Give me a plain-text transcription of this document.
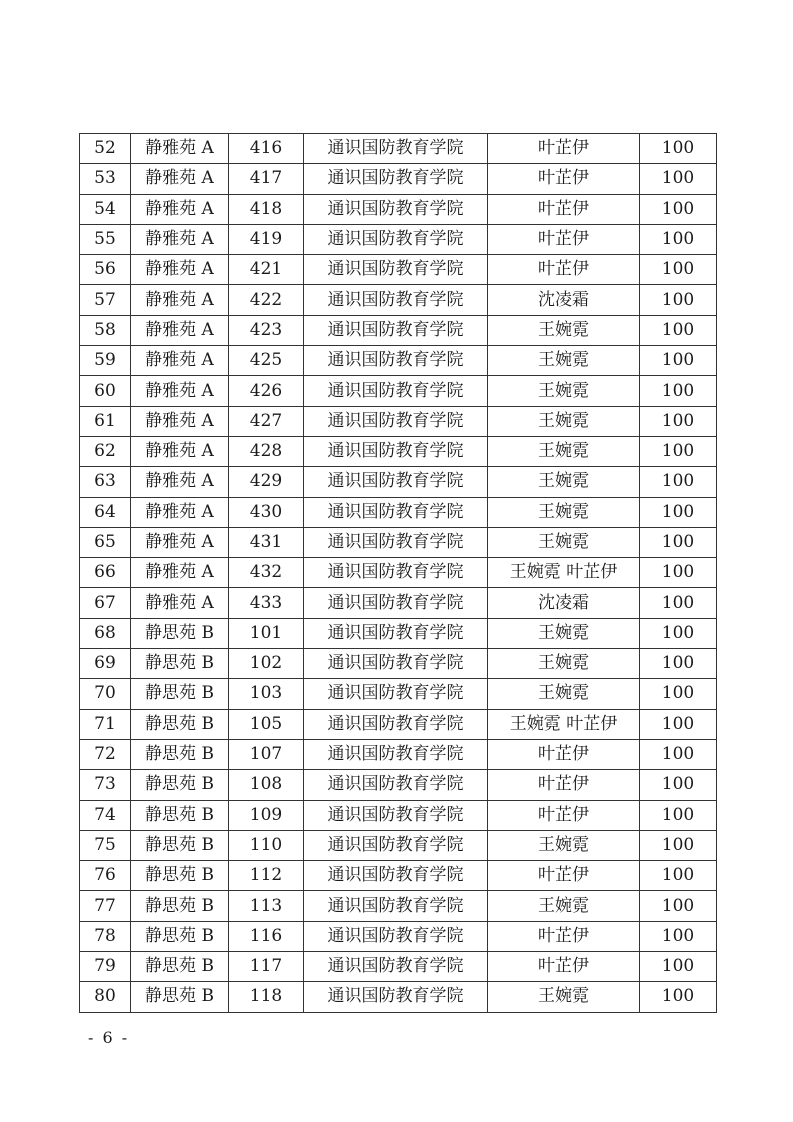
52	静雅苑 A	416	通识国防教育学院	叶芷伊	100
53	静雅苑 A	417	通识国防教育学院	叶芷伊	100
54	静雅苑 A	418	通识国防教育学院	叶芷伊	100
55	静雅苑 A	419	通识国防教育学院	叶芷伊	100
56	静雅苑 A	421	通识国防教育学院	叶芷伊	100
57	静雅苑 A	422	通识国防教育学院	沈凌霜	100
58	静雅苑 A	423	通识国防教育学院	王婉霓	100
59	静雅苑 A	425	通识国防教育学院	王婉霓	100
60	静雅苑 A	426	通识国防教育学院	王婉霓	100
61	静雅苑 A	427	通识国防教育学院	王婉霓	100
62	静雅苑 A	428	通识国防教育学院	王婉霓	100
63	静雅苑 A	429	通识国防教育学院	王婉霓	100
64	静雅苑 A	430	通识国防教育学院	王婉霓	100
65	静雅苑 A	431	通识国防教育学院	王婉霓	100
66	静雅苑 A	432	通识国防教育学院	王婉霓 叶芷伊	100
67	静雅苑 A	433	通识国防教育学院	沈凌霜	100
68	静思苑 B	101	通识国防教育学院	王婉霓	100
69	静思苑 B	102	通识国防教育学院	王婉霓	100
70	静思苑 B	103	通识国防教育学院	王婉霓	100
71	静思苑 B	105	通识国防教育学院	王婉霓 叶芷伊	100
72	静思苑 B	107	通识国防教育学院	叶芷伊	100
73	静思苑 B	108	通识国防教育学院	叶芷伊	100
74	静思苑 B	109	通识国防教育学院	叶芷伊	100
75	静思苑 B	110	通识国防教育学院	王婉霓	100
76	静思苑 B	112	通识国防教育学院	叶芷伊	100
77	静思苑 B	113	通识国防教育学院	王婉霓	100
78	静思苑 B	116	通识国防教育学院	叶芷伊	100
79	静思苑 B	117	通识国防教育学院	叶芷伊	100
80	静思苑 B	118	通识国防教育学院	王婉霓	100
- 6 -
